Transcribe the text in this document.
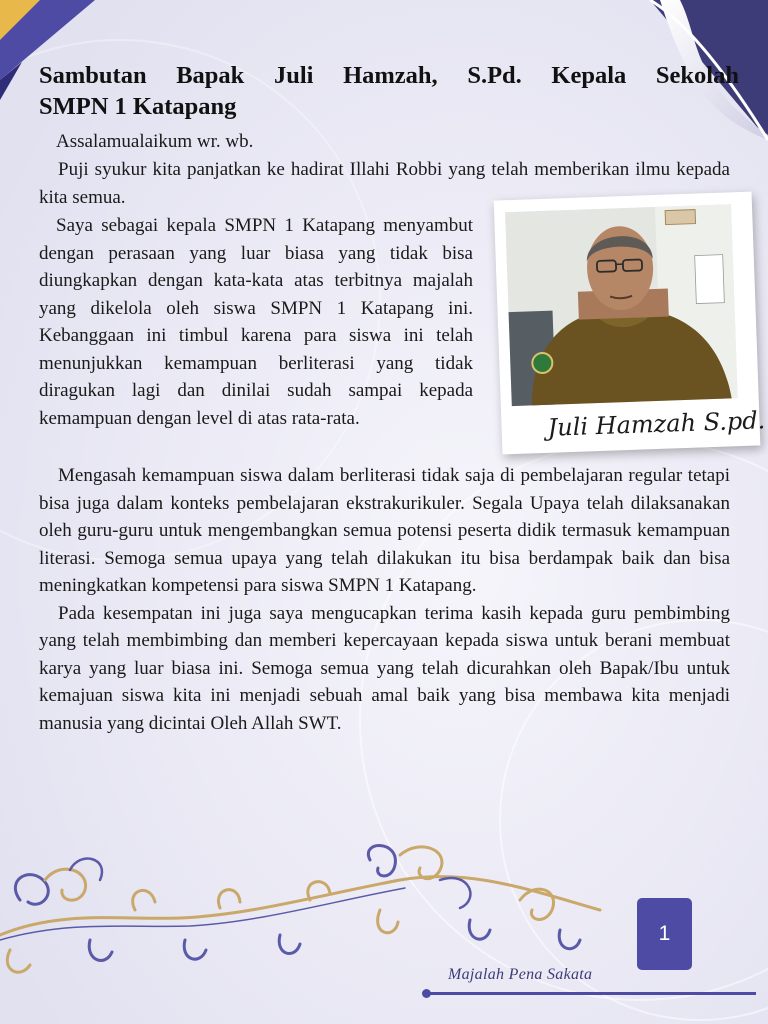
Sambutan Bapak Juli Hamzah, S.Pd. Kepala Sekolah
SMPN 1 Katapang
Assalamualaikum wr. wb.

Puji syukur kita panjatkan ke hadirat Illahi Robbi yang telah memberikan ilmu kepada kita semua.

Saya sebagai kepala SMPN 1 Katapang menyambut dengan perasaan yang luar biasa yang tidak bisa diungkapkan dengan kata-kata atas terbitnya majalah yang dikelola oleh siswa SMPN 1 Katapang ini. Kebanggaan ini timbul karena para siswa ini telah menunjukkan kemampuan berliterasi yang tidak diragukan lagi dan dinilai sudah sampai kepada kemampuan dengan level di atas rata-rata.

Mengasah kemampuan siswa dalam berliterasi tidak saja di pembelajaran regular tetapi bisa juga dalam konteks pembelajaran ekstrakurikuler. Segala Upaya telah dilaksanakan oleh guru-guru untuk mengembangkan semua potensi peserta didik termasuk kemampuan literasi. Semoga semua upaya yang telah dilakukan itu bisa berdampak baik dan bisa meningkatkan kompetensi para siswa SMPN 1 Katapang.

Pada kesempatan ini juga saya mengucapkan terima kasih kepada guru pembimbing yang telah membimbing dan memberi kepercayaan kepada siswa untuk berani membuat karya yang luar biasa ini. Semoga semua yang telah dicurahkan oleh Bapak/Ibu untuk kemajuan siswa kita ini menjadi sebuah amal baik yang bisa membawa kita menjadi manusia yang dicintai Oleh Allah SWT.

Juli Hamzah S.pd.
1
Majalah Pena Sakata
